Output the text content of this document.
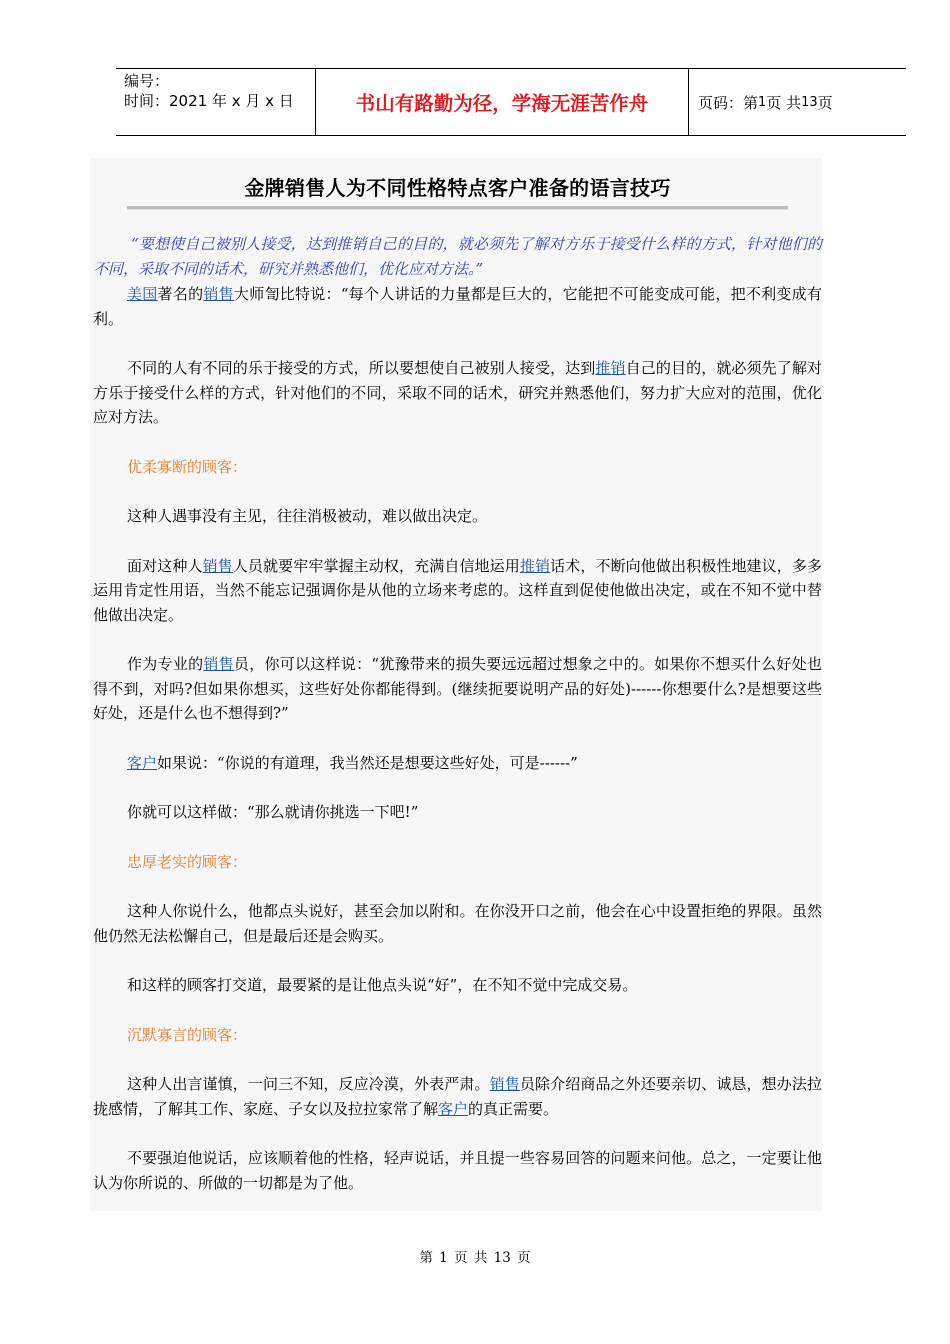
编号：
时间：2021 年 x 月 x 日	书山有路勤为径，学海无涯苦作舟	页码：第 1 页 共 13 页
金牌销售人为不同性格特点客户准备的语言技巧

“要想使自己被别人接受，达到推销自己的目的，就必须先了解对方乐于接受什么样的方式，针对他们的不同，采取不同的话术，研究并熟悉他们，优化应对方法。”

美国著名的销售大师訇比特说：“每个人讲话的力量都是巨大的，它能把不可能变成可能，把不利变成有利。

不同的人有不同的乐于接受的方式，所以要想使自己被别人接受，达到推销自己的目的，就必须先了解对方乐于接受什么样的方式，针对他们的不同，采取不同的话术，研究并熟悉他们，努力扩大应对的范围，优化应对方法。

优柔寡断的顾客：

这种人遇事没有主见，往往消极被动，难以做出决定。

面对这种人销售人员就要牢牢掌握主动权，充满自信地运用推销话术，不断向他做出积极性地建议，多多运用肯定性用语，当然不能忘记强调你是从他的立场来考虑的。这样直到促使他做出决定，或在不知不觉中替他做出决定。

作为专业的销售员，你可以这样说：“犹豫带来的损失要远远超过想象之中的。如果你不想买什么好处也得不到，对吗?但如果你想买，这些好处你都能得到。(继续扼要说明产品的好处)------你想要什么?是想要这些好处，还是什么也不想得到?”

客户如果说：“你说的有道理，我当然还是想要这些好处，可是------”

你就可以这样做：“那么就请你挑选一下吧!”

忠厚老实的顾客：

这种人你说什么，他都点头说好，甚至会加以附和。在你没开口之前，他会在心中设置拒绝的界限。虽然他仍然无法松懈自己，但是最后还是会购买。

和这样的顾客打交道，最要紧的是让他点头说“好”，在不知不觉中完成交易。

沉默寡言的顾客：

这种人出言谨慎，一问三不知，反应冷漠，外表严肃。销售员除介绍商品之外还要亲切、诚恳，想办法拉拢感情，了解其工作、家庭、子女以及拉拉家常了解客户的真正需要。

不要强迫他说话，应该顺着他的性格，轻声说话，并且提一些容易回答的问题来问他。总之，一定要让他认为你所说的、所做的一切都是为了他。

第 1 页 共 13 页
